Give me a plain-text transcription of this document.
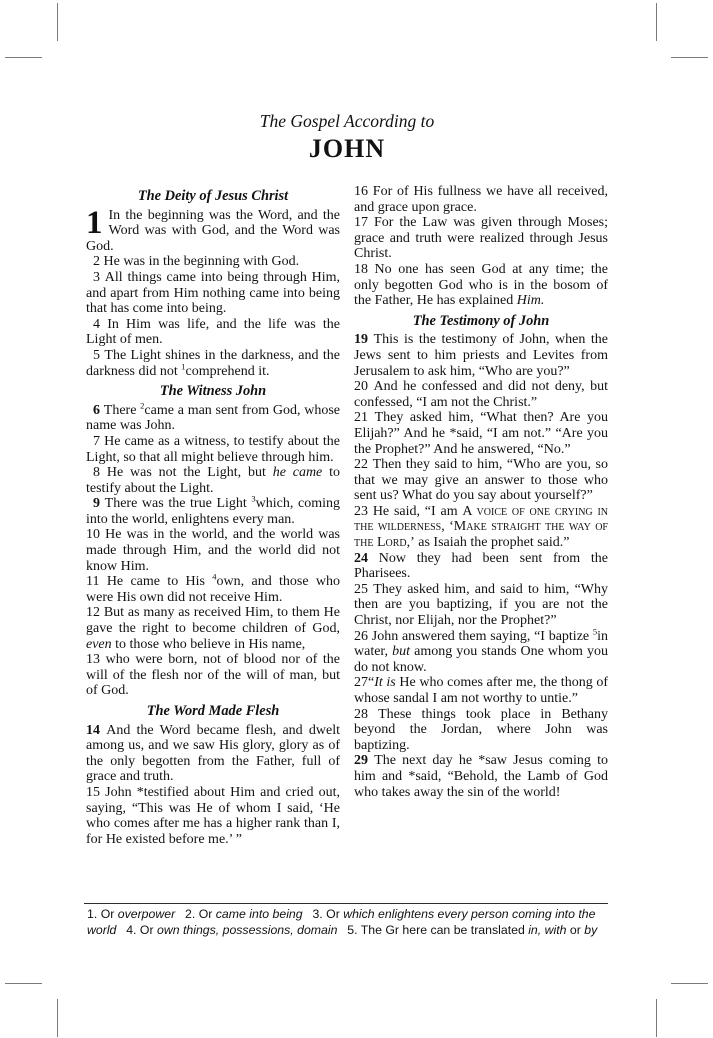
The Gospel According to
JOHN
The Deity of Jesus Christ

1 In the beginning was the Word, and the Word was with God, and the Word was God.

2 He was in the beginning with God.

3 All things came into being through Him, and apart from Him nothing came into being that has come into being.

4 In Him was life, and the life was the Light of men.

5 The Light shines in the darkness, and the darkness did not $^1$comprehend it.

The Witness John

6 There $^2$came a man sent from God, whose name was John.

7 He came as a witness, to testify about the Light, so that all might believe through him.

8 He was not the Light, but he came to testify about the Light.

9 There was the true Light $^3$which, coming into the world, enlightens every man.

10 He was in the world, and the world was made through Him, and the world did not know Him.

11 He came to His $^4$own, and those who were His own did not receive Him.

12 But as many as received Him, to them He gave the right to become children of God, even to those who believe in His name,

13 who were born, not of blood nor of the will of the flesh nor of the will of man, but of God.

The Word Made Flesh

14 And the Word became flesh, and dwelt among us, and we saw His glory, glory as of the only begotten from the Father, full of grace and truth.

15 John *testified about Him and cried out, saying, “This was He of whom I said, ‘He who comes after me has a higher rank than I, for He existed before me.’ ”

16 For of His fullness we have all received, and grace upon grace.

17 For the Law was given through Moses; grace and truth were realized through Jesus Christ.

18 No one has seen God at any time; the only begotten God who is in the bosom of the Father, He has explained Him.

The Testimony of John

19 This is the testimony of John, when the Jews sent to him priests and Levites from Jerusalem to ask him, “Who are you?”

20 And he confessed and did not deny, but confessed, “I am not the Christ.”

21 They asked him, “What then? Are you Elijah?” And he *said, “I am not.” “Are you the Prophet?” And he answered, “No.”

22 Then they said to him, “Who are you, so that we may give an answer to those who sent us? What do you say about yourself?”

23 He said, “I am A voice of one crying in the wilderness, ‘Make straight the way of the Lord,’ as Isaiah the prophet said.”

24 Now they had been sent from the Pharisees.

25 They asked him, and said to him, “Why then are you baptizing, if you are not the Christ, nor Elijah, nor the Prophet?”

26 John answered them saying, “I baptize $^5$in water, but among you stands One whom you do not know.

27“It is He who comes after me, the thong of whose sandal I am not worthy to untie.”

28 These things took place in Bethany beyond the Jordan, where John was baptizing.

29 The next day he *saw Jesus coming to him and *said, “Behold, the Lamb of God who takes away the sin of the world!

1. Or overpower 2. Or came into being 3. Or which enlightens every person coming into the world 4. Or own things, possessions, domain 5. The Gr here can be translated in, with or by
